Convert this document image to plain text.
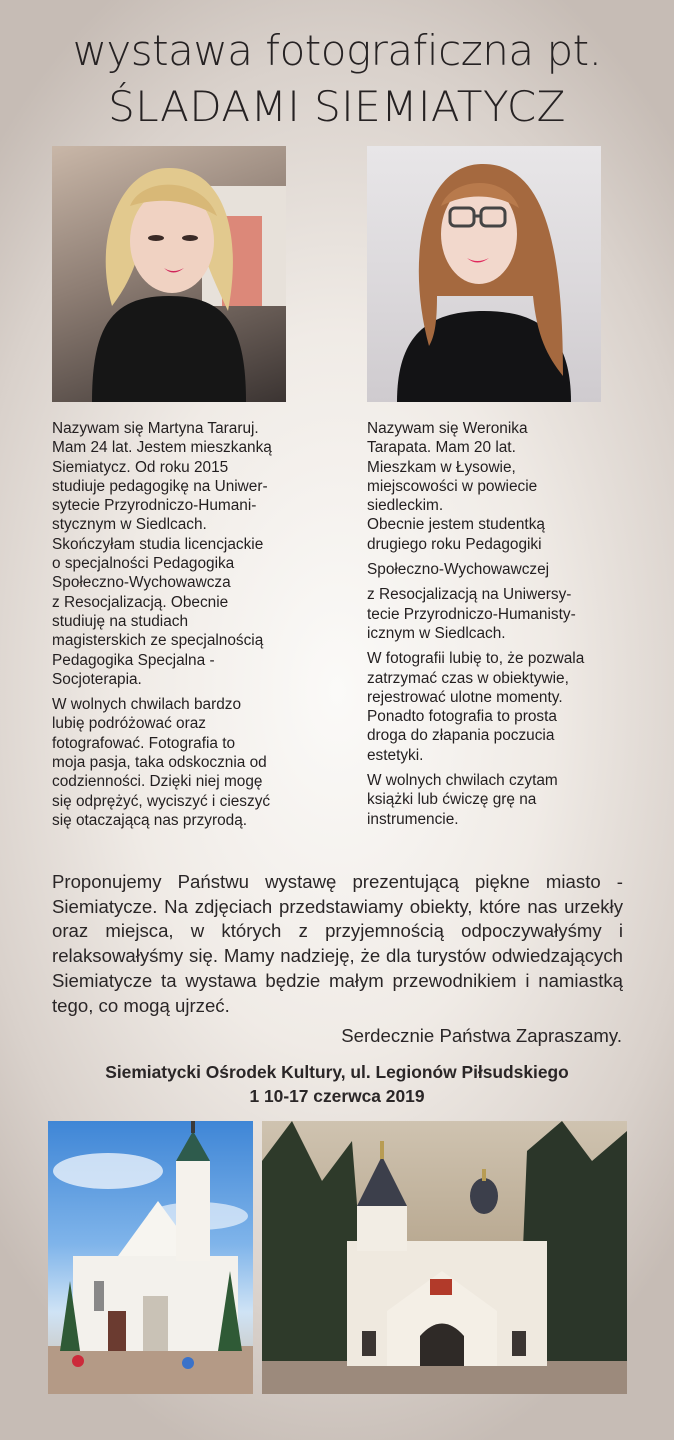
wystawa fotograficzna pt.
ŚLADAMI SIEMIATYCZ

Nazywam się Martyna Tararuj.
Mam 24 lat. Jestem mieszkanką
Siemiatycz. Od roku 2015
studiuje pedagogikę na Uniwer-
sytecie Przyrodniczo-Humani-
stycznym w Siedlcach.
Skończyłam studia licencjackie
o specjalności Pedagogika
Społeczno-Wychowawcza
z Resocjalizacją. Obecnie
studiuję na studiach
magisterskich ze specjalnością
Pedagogika Specjalna -
Socjoterapia.

W wolnych chwilach bardzo
lubię podróżować oraz
fotografować. Fotografia to
moja pasja, taka odskocznia od
codzienności. Dzięki niej mogę
się odprężyć, wyciszyć i cieszyć
się otaczającą nas przyrodą.

Nazywam się Weronika
Tarapata. Mam 20 lat.
Mieszkam w Łysowie,
miejscowości w powiecie
siedleckim.
Obecnie jestem studentką
drugiego roku Pedagogiki

Społeczno-Wychowawczej

z Resocjalizacją na Uniwersy-
tecie Przyrodniczo-Humanisty-
icznym w Siedlcach.

W fotografii lubię to, że pozwala
zatrzymać czas w obiektywie,
rejestrować ulotne momenty.
Ponadto fotografia to prosta
droga do złapania poczucia
estetyki.

W wolnych chwilach czytam
książki lub ćwiczę grę na
instrumencie.

Proponujemy Państwu wystawę prezentującą piękne miasto - Siemiatycze. Na zdjęciach przedstawiamy obiekty, które nas urzekły oraz miejsca, w których z przyjemnością odpoczywałyśmy i relaksowałyśmy się. Mamy nadzieję, że dla turystów odwiedzających Siemiatycze ta wystawa będzie małym przewodnikiem i namiastką tego, co mogą ujrzeć.
Serdecznie Państwa Zapraszamy.
Siemiatycki Ośrodek Kultury, ul. Legionów Piłsudskiego
1 10-17 czerwca 2019
